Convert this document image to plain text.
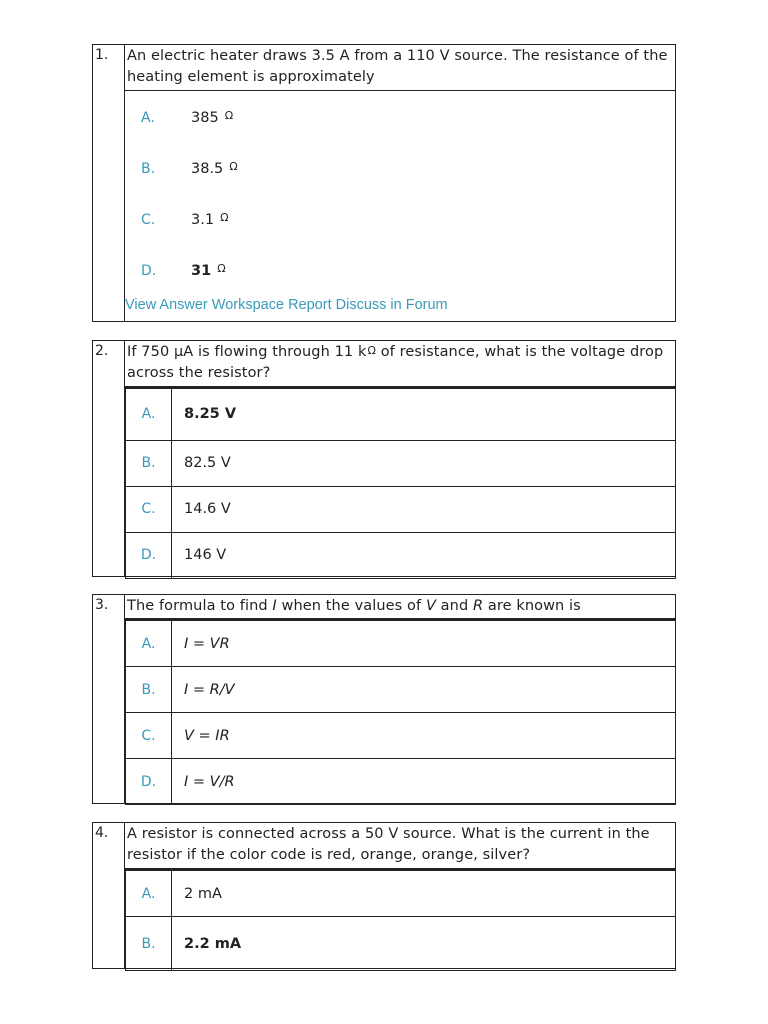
1. An electric heater draws 3.5 A from a 110 V source. The resistance of the heating element is approximately
A.	385 Ω
B.	38.5 Ω
C.	3.1 Ω
D.	31 Ω
View Answer Workspace Report Discuss in Forum
2. If 750 µA is flowing through 11 kΩ of resistance, what is the voltage drop across the resistor?
A.	8.25 V
B.	82.5 V
C.	14.6 V
D.	146 V
3. The formula to find I when the values of V and R are known is
A.	I = VR
B.	I = R/V
C.	V = IR
D.	I = V/R
4. A resistor is connected across a 50 V source. What is the current in the resistor if the color code is red, orange, orange, silver?
A.	2 mA
B.	2.2 mA
